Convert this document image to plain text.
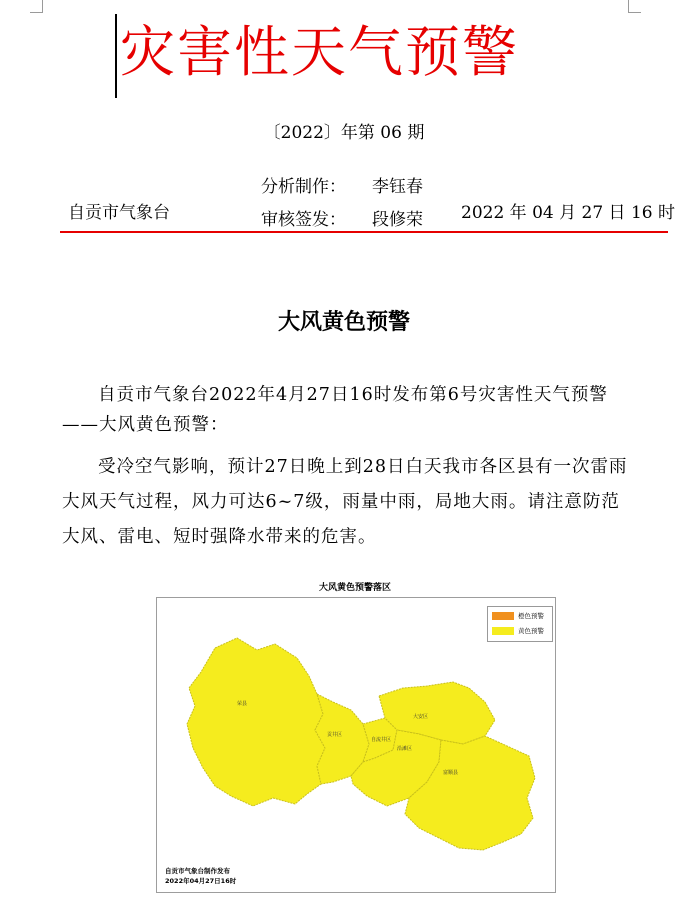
灾害性天气预警
〔2022〕年第 06 期
分析制作： 李钰春
自贡市气象台	审核签发： 段修荣 2022 年 04 月 27 日 16 时
大风黄色预警
自贡市气象台2022年4月27日16时发布第6号灾害性天气预警——大风黄色预警：
受冷空气影响，预计27日晚上到28日白天我市各区县有一次雷雨大风天气过程，风力可达6~7级，雨量中雨，局地大雨。请注意防范大风、雷电、短时强降水带来的危害。
大风黄色预警落区
荣县
贡井区
自流井区
大安区
沿滩区
富顺县
橙色预警
黄色预警
自贡市气象台制作发布
2022年04月27日16时
